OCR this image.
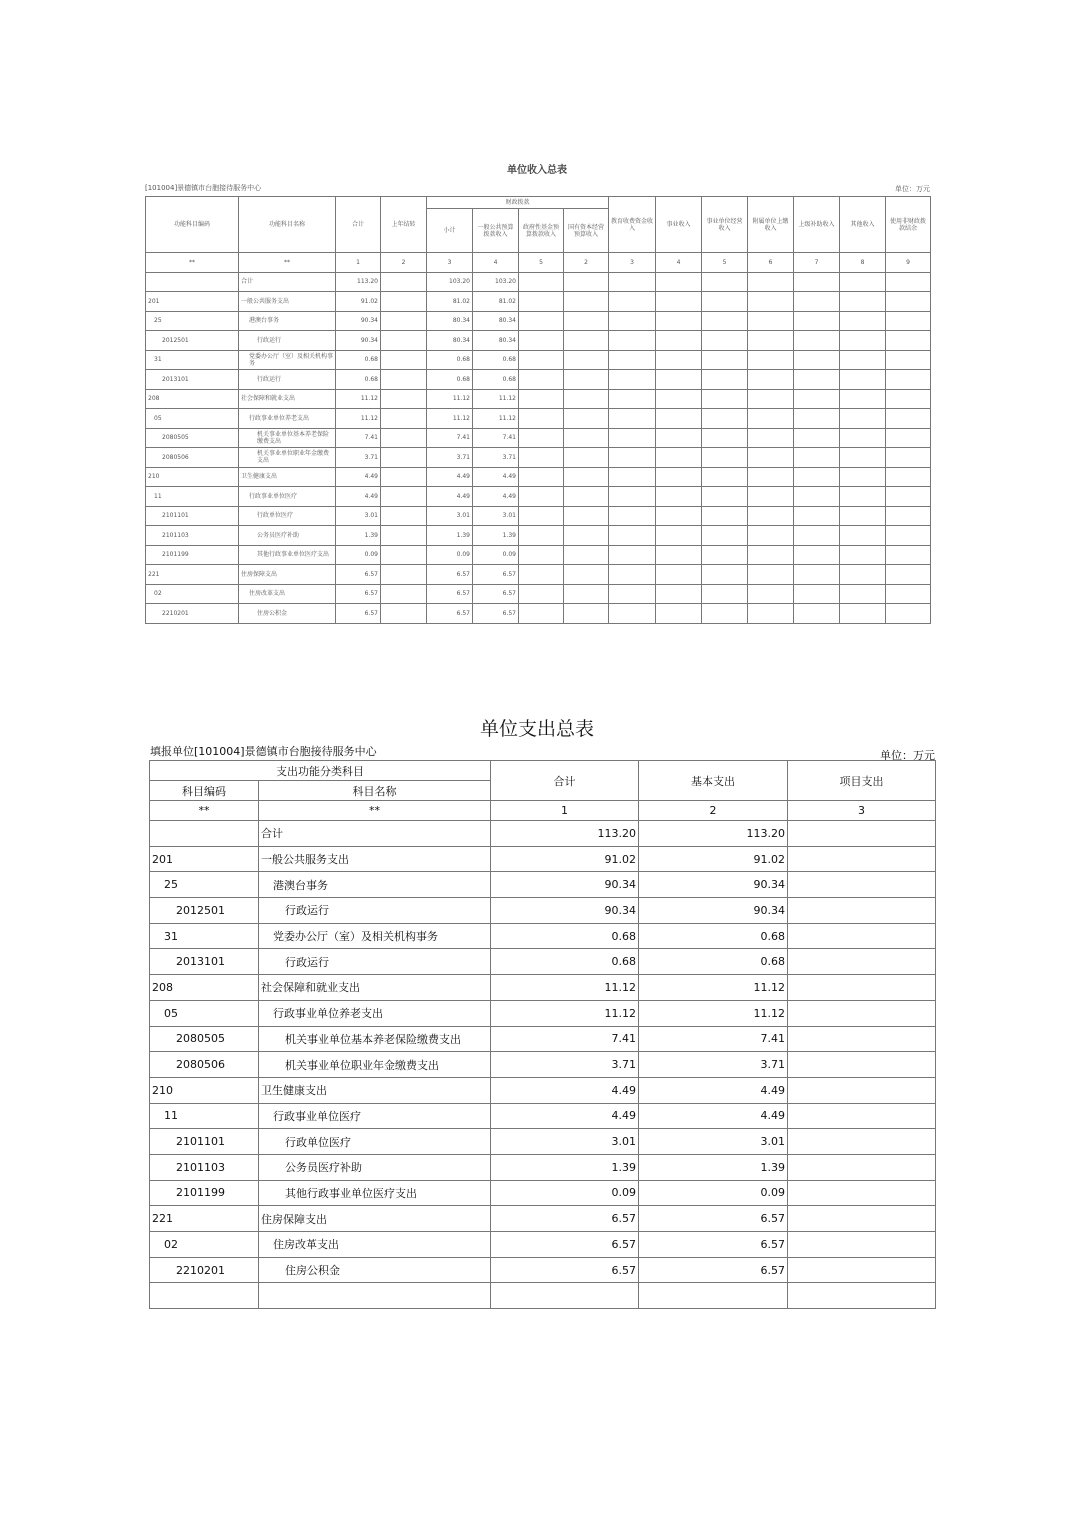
单位收入总表
[101004]景德镇市台胞接待服务中心	单位：万元
功能科目编码	功能科目名称	合计	上年结转	财政拨款				教育收费资金收入	事业收入	事业单位经营收入	附属单位上缴收入	上级补助收入	其他收入	使用非财政拨款结余	
				小计	一般公共预算拨款收入	政府性基金预算拨款收入	国有资本经营预算收入								
**	**	1	2	3	4	5	2	3	4	5	6	7	8	9	
	合计	113.20		103.20	103.20										
201	一般公共服务支出	91.02		81.02	81.02										
25	港澳台事务	90.34		80.34	80.34										
2012501	行政运行	90.34		80.34	80.34										
31	党委办公厅（室）及相关机构事务	0.68		0.68	0.68										
2013101	行政运行	0.68		0.68	0.68										
208	社会保障和就业支出	11.12		11.12	11.12										
05	行政事业单位养老支出	11.12		11.12	11.12										
2080505	机关事业单位基本养老保险缴费支出	7.41		7.41	7.41										
2080506	机关事业单位职业年金缴费支出	3.71		3.71	3.71										
210	卫生健康支出	4.49		4.49	4.49										
11	行政事业单位医疗	4.49		4.49	4.49										
2101101	行政单位医疗	3.01		3.01	3.01										
2101103	公务员医疗补助	1.39		1.39	1.39										
2101199	其他行政事业单位医疗支出	0.09		0.09	0.09										
221	住房保障支出	6.57		6.57	6.57										
02	住房改革支出	6.57		6.57	6.57										
2210201	住房公积金	6.57		6.57	6.57										
单位支出总表
填报单位[101004]景德镇市台胞接待服务中心	单位：万元
支出功能分类科目		合计	基本支出	项目支出
科目编码	科目名称			
**	**	1	2	3
	合计	113.20	113.20	
201	一般公共服务支出	91.02	91.02	
25	港澳台事务	90.34	90.34	
2012501	行政运行	90.34	90.34	
31	党委办公厅（室）及相关机构事务	0.68	0.68	
2013101	行政运行	0.68	0.68	
208	社会保障和就业支出	11.12	11.12	
05	行政事业单位养老支出	11.12	11.12	
2080505	机关事业单位基本养老保险缴费支出	7.41	7.41	
2080506	机关事业单位职业年金缴费支出	3.71	3.71	
210	卫生健康支出	4.49	4.49	
11	行政事业单位医疗	4.49	4.49	
2101101	行政单位医疗	3.01	3.01	
2101103	公务员医疗补助	1.39	1.39	
2101199	其他行政事业单位医疗支出	0.09	0.09	
221	住房保障支出	6.57	6.57	
02	住房改革支出	6.57	6.57	
2210201	住房公积金	6.57	6.57	
